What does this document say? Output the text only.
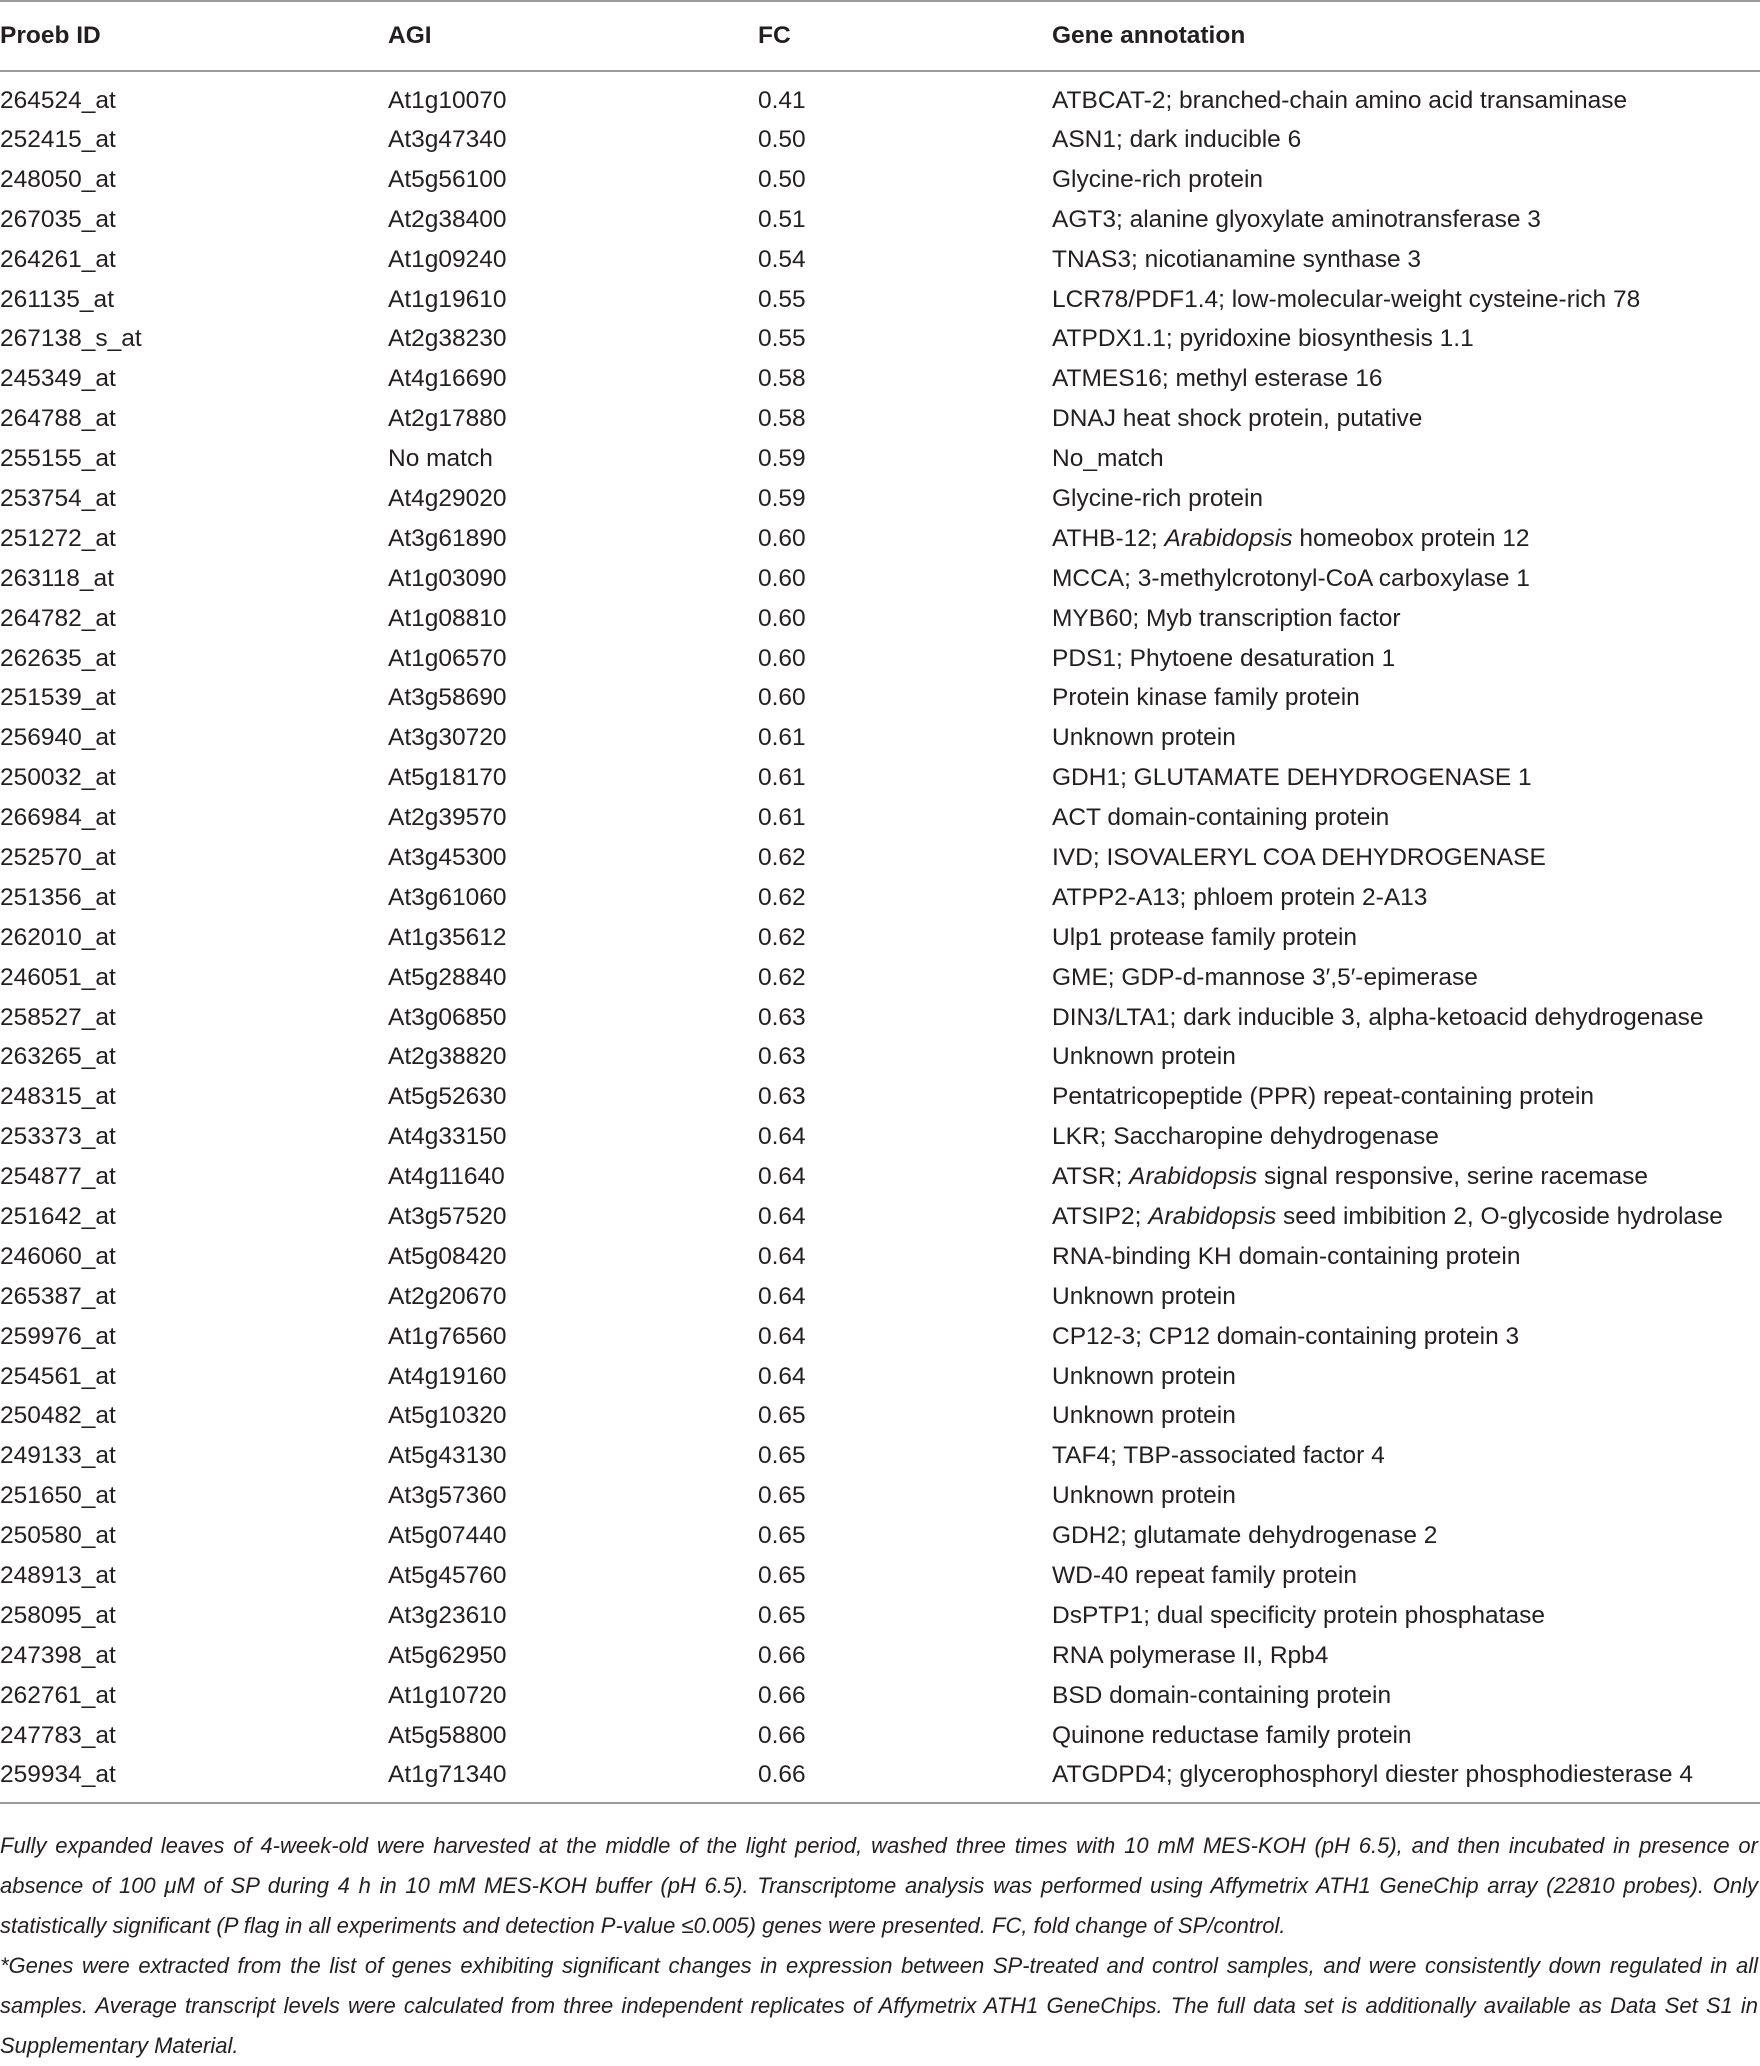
Proeb ID	AGI	FC	Gene annotation
264524_at	At1g10070	0.41	ATBCAT-2; branched-chain amino acid transaminase
252415_at	At3g47340	0.50	ASN1; dark inducible 6
248050_at	At5g56100	0.50	Glycine-rich protein
267035_at	At2g38400	0.51	AGT3; alanine glyoxylate aminotransferase 3
264261_at	At1g09240	0.54	TNAS3; nicotianamine synthase 3
261135_at	At1g19610	0.55	LCR78/PDF1.4; low-molecular-weight cysteine-rich 78
267138_s_at	At2g38230	0.55	ATPDX1.1; pyridoxine biosynthesis 1.1
245349_at	At4g16690	0.58	ATMES16; methyl esterase 16
264788_at	At2g17880	0.58	DNAJ heat shock protein, putative
255155_at	No match	0.59	No_match
253754_at	At4g29020	0.59	Glycine-rich protein
251272_at	At3g61890	0.60	ATHB-12; Arabidopsis homeobox protein 12
263118_at	At1g03090	0.60	MCCA; 3-methylcrotonyl-CoA carboxylase 1
264782_at	At1g08810	0.60	MYB60; Myb transcription factor
262635_at	At1g06570	0.60	PDS1; Phytoene desaturation 1
251539_at	At3g58690	0.60	Protein kinase family protein
256940_at	At3g30720	0.61	Unknown protein
250032_at	At5g18170	0.61	GDH1; GLUTAMATE DEHYDROGENASE 1
266984_at	At2g39570	0.61	ACT domain-containing protein
252570_at	At3g45300	0.62	IVD; ISOVALERYL COA DEHYDROGENASE
251356_at	At3g61060	0.62	ATPP2-A13; phloem protein 2-A13
262010_at	At1g35612	0.62	Ulp1 protease family protein
246051_at	At5g28840	0.62	GME; GDP-d-mannose 3′,5′-epimerase
258527_at	At3g06850	0.63	DIN3/LTA1; dark inducible 3, alpha-ketoacid dehydrogenase
263265_at	At2g38820	0.63	Unknown protein
248315_at	At5g52630	0.63	Pentatricopeptide (PPR) repeat-containing protein
253373_at	At4g33150	0.64	LKR; Saccharopine dehydrogenase
254877_at	At4g11640	0.64	ATSR; Arabidopsis signal responsive, serine racemase
251642_at	At3g57520	0.64	ATSIP2; Arabidopsis seed imbibition 2, O-glycoside hydrolase
246060_at	At5g08420	0.64	RNA-binding KH domain-containing protein
265387_at	At2g20670	0.64	Unknown protein
259976_at	At1g76560	0.64	CP12-3; CP12 domain-containing protein 3
254561_at	At4g19160	0.64	Unknown protein
250482_at	At5g10320	0.65	Unknown protein
249133_at	At5g43130	0.65	TAF4; TBP-associated factor 4
251650_at	At3g57360	0.65	Unknown protein
250580_at	At5g07440	0.65	GDH2; glutamate dehydrogenase 2
248913_at	At5g45760	0.65	WD-40 repeat family protein
258095_at	At3g23610	0.65	DsPTP1; dual specificity protein phosphatase
247398_at	At5g62950	0.66	RNA polymerase II, Rpb4
262761_at	At1g10720	0.66	BSD domain-containing protein
247783_at	At5g58800	0.66	Quinone reductase family protein
259934_at	At1g71340	0.66	ATGDPD4; glycerophosphoryl diester phosphodiesterase 4

Fully expanded leaves of 4-week-old were harvested at the middle of the light period, washed three times with 10 mM MES-KOH (pH 6.5), and then incubated in presence or absence of 100 μM of SP during 4 h in 10 mM MES-KOH buffer (pH 6.5). Transcriptome analysis was performed using Affymetrix ATH1 GeneChip array (22810 probes). Only statistically significant (P flag in all experiments and detection P-value ≤0.005) genes were presented. FC, fold change of SP/control.

*Genes were extracted from the list of genes exhibiting significant changes in expression between SP-treated and control samples, and were consistently down regulated in all samples. Average transcript levels were calculated from three independent replicates of Affymetrix ATH1 GeneChips. The full data set is additionally available as Data Set S1 in Supplementary Material.
